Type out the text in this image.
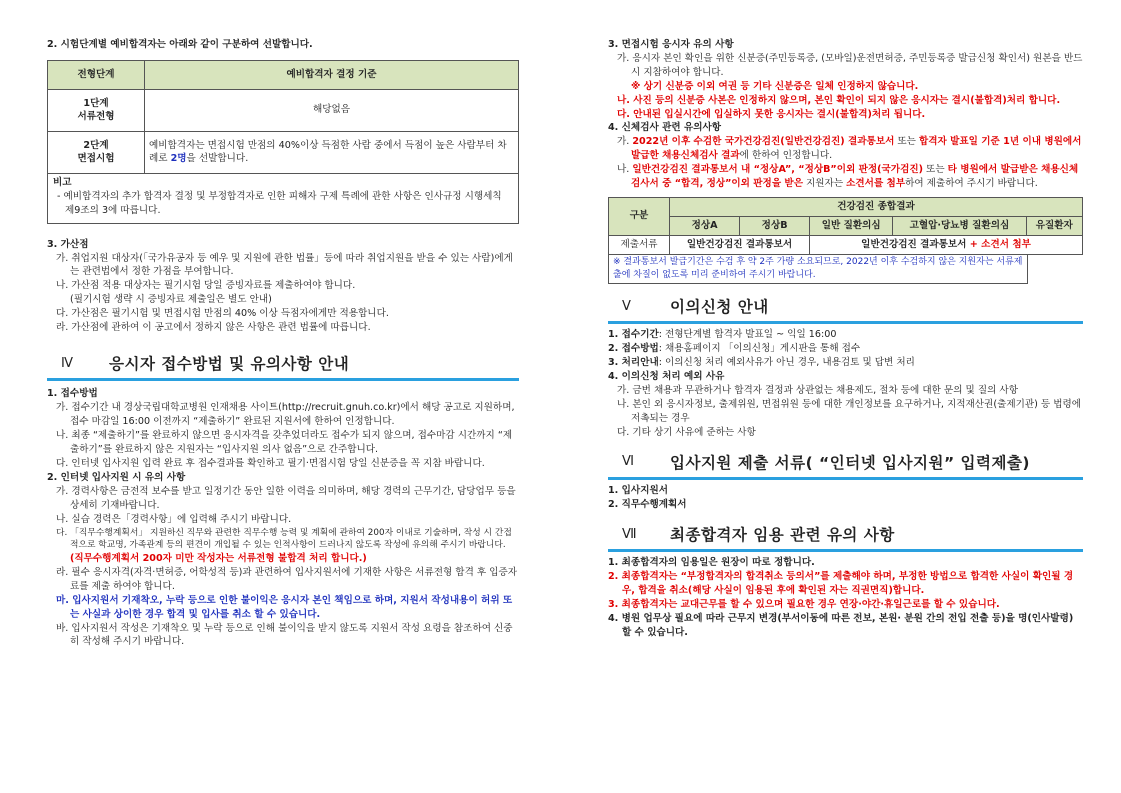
2. 시험단계별 예비합격자는 아래와 같이 구분하여 선발합니다.

전형단계	예비합격자 결정 기준
1단계
서류전형	해당없음
2단계
면접시험	예비합격자는 면접시험 만점의 40%이상 득점한 사람 중에서 득점이 높은 사람부터 차례로 2명을 선발합니다.
비고
- 예비합격자의 추가 합격자 결정 및 부정합격자로 인한 피해자 구제 특례에 관한 사항은 인사규정 시행세칙 제9조의 3에 따릅니다.

3. 가산점

가. 취업지원 대상자(「국가유공자 등 예우 및 지원에 관한 법률」등에 따라 취업지원을 받을 수 있는 사람)에게는 관련법에서 정한 가점을 부여합니다.

나. 가산점 적용 대상자는 필기시험 당일 증빙자료를 제출하여야 합니다.

(필기시험 생략 시 증빙자료 제출일은 별도 안내)

다. 가산점은 필기시험 및 면접시험 만점의 40% 이상 득점자에게만 적용합니다.

라. 가산점에 관하여 이 공고에서 정하지 않은 사항은 관련 법률에 따릅니다.

Ⅳ	응시자 접수방법 및 유의사항 안내

1. 접수방법

가. 접수기간 내 경상국립대학교병원 인재채용 사이트(http://recruit.gnuh.co.kr)에서 해당 공고로 지원하며, 접수 마감일 16:00 이전까지 “제출하기” 완료된 지원서에 한하여 인정합니다.

나. 최종 “제출하기”를 완료하지 않으면 응시자격을 갖추었더라도 접수가 되지 않으며, 접수마감 시간까지 “제출하기”를 완료하지 않은 지원자는 “입사지원 의사 없음”으로 간주합니다.

다. 인터넷 입사지원 입력 완료 후 접수결과를 확인하고 필기·면접시험 당일 신분증을 꼭 지참 바랍니다.

2. 인터넷 입사지원 시 유의 사항

가. 경력사항은 금전적 보수를 받고 일정기간 동안 일한 이력을 의미하며, 해당 경력의 근무기간, 담당업무 등을 상세히 기재바랍니다.

나. 실습 경력은「경력사항」에 입력해 주시기 바랍니다.

다. 「직무수행계획서」 지원하신 직무와 관련한 직무수행 능력 및 계획에 관하여 200자 이내로 기술하며, 작성 시 간접적으로 학교명, 가족관계 등의 편견이 개입될 수 있는 인적사항이 드러나지 않도록 작성에 유의해 주시기 바랍니다.

(직무수행계획서 200자 미만 작성자는 서류전형 불합격 처리 합니다.)

라. 필수 응시자격(자격·면허증, 어학성적 등)과 관련하여 입사지원서에 기재한 사항은 서류전형 합격 후 입증자료를 제출 하여야 합니다.

마. 입사지원서 기재착오, 누락 등으로 인한 불이익은 응시자 본인 책임으로 하며, 지원서 작성내용이 허위 또는 사실과 상이한 경우 합격 및 입사를 취소 할 수 있습니다.

바. 입사지원서 작성은 기재착오 및 누락 등으로 인해 불이익을 받지 않도록 지원서 작성 요령을 참조하여 신중히 작성해 주시기 바랍니다.

3. 면접시험 응시자 유의 사항

가. 응시자 본인 확인을 위한 신분증(주민등록증, (모바일)운전면허증, 주민등록증 발급신청 확인서) 원본을 반드시 지참하여야 합니다.

※ 상기 신분증 이외 여권 등 기타 신분증은 일체 인정하지 않습니다.

나. 사진 등의 신분증 사본은 인정하지 않으며, 본인 확인이 되지 않은 응시자는 결시(불합격)처리 합니다.

다. 안내된 입실시간에 입실하지 못한 응시자는 결시(불합격)처리 됩니다.

4. 신체검사 관련 유의사항

가. 2022년 이후 수검한 국가건강검진(일반건강검진) 결과통보서 또는 합격자 발표일 기준 1년 이내 병원에서 발급한 채용신체검사 결과에 한하여 인정합니다.

나. 일반건강검진 결과통보서 내 “정상A”, “정상B”이외 판정(국가검진) 또는 타 병원에서 발급받은 채용신체검사서 중 “합격, 정상”이외 판정을 받은 지원자는 소견서를 첨부하여 제출하여 주시기 바랍니다.

구분	건강검진 종합결과				
	정상A	정상B	일반 질환의심	고혈압·당뇨병 질환의심	유질환자
제출서류	일반건강검진 결과통보서		일반건강검진 결과통보서 + 소견서 첨부		
※ 결과통보서 발급기간은 수검 후 약 2주 가량 소요되므로, 2022년 이후 수검하지 않은 지원자는 서류제출에 차질이 없도록 미리 준비하여 주시기 바랍니다.
Ⅴ	이의신청 안내

1. 접수기간: 전형단계별 합격자 발표일 ~ 익일 16:00

2. 접수방법: 채용홈페이지 「이의신청」게시판을 통해 접수

3. 처리안내: 이의신청 처리 예외사유가 아닌 경우, 내용검토 및 답변 처리

4. 이의신청 처리 예외 사유

가. 금번 채용과 무관하거나 합격자 결정과 상관없는 채용제도, 절차 등에 대한 문의 및 질의 사항

나. 본인 외 응시자정보, 출제위원, 면접위원 등에 대한 개인정보를 요구하거나, 지적재산권(출제기관) 등 법령에 저촉되는 경우

다. 기타 상기 사유에 준하는 사항

Ⅵ	입사지원 제출 서류( “인터넷 입사지원” 입력제출)

1. 입사지원서

2. 직무수행계획서

Ⅶ	최종합격자 임용 관련 유의 사항

1. 최종합격자의 임용일은 원장이 따로 정합니다.

2. 최종합격자는 “부정합격자의 합격취소 등의서”를 제출해야 하며, 부정한 방법으로 합격한 사실이 확인될 경우, 합격을 취소(해당 사실이 임용된 후에 확인된 자는 직권면직)합니다.

3. 최종합격자는 교대근무를 할 수 있으며 필요한 경우 연장·야간·휴일근로를 할 수 있습니다.

4. 병원 업무상 필요에 따라 근무지 변경(부서이동에 따른 전보, 본원· 분원 간의 전입 전출 등)을 명(인사발령) 할 수 있습니다.
